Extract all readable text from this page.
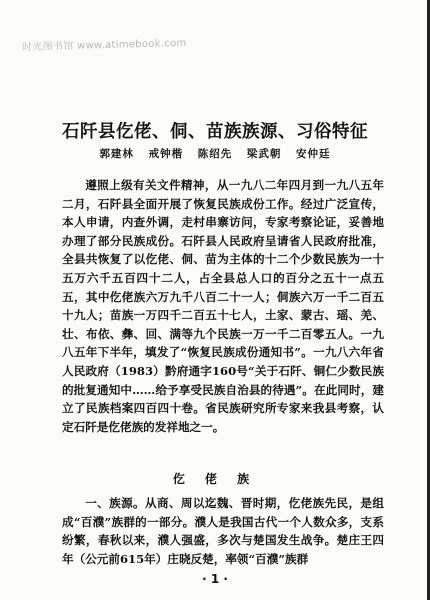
时光图书馆 www.atimebook.com
石阡县仡佬、侗、苗族族源、习俗特征
郭建林 戒钟楷 陈绍先 梁武朝 安仲廷

遵照上级有关文件精神，从一九八二年四月到一九八五年二月，石阡县全面开展了恢复民族成份工作。经过广泛宣传，本人申请，内查外调，走村串寨访问，专家考察论证，妥善地办理了部分民族成份。石阡县人民政府呈请省人民政府批准，全县共恢复了以仡佬、侗、苗为主体的十二个少数民族为一十五万六千五百四十二人，占全县总人口的百分之五十一点五五，其中仡佬族六万九千八百二十一人；侗族六万一千二百五十九人；苗族一万四千二百五十七人，土家、蒙古、瑶、羌、壮、布依、彝、回、满等九个民族一万一千二百零五人。一九八五年下半年，填发了“恢复民族成份通知书”。一九八六年省人民政府（1983）黔府通字160号“关于石阡、铜仁少数民族的批复通知中……给予享受民族自治县的待遇”。在此同时，建立了民族档案四百四十卷。省民族研究所专家来我县考察，认定石阡是仡佬族的发祥地之一。

仡 佬 族

一、族源。从商、周以迄魏、晋时期，仡佬族先民，是组成“百濮”族群的一部分。濮人是我国古代一个人数众多，支系纷繁，春秋以来，濮人强盛，多次与楚国发生战争。楚庄王四年（公元前615年）庄晓反楚，率领“百濮”族群

· 1 ·
